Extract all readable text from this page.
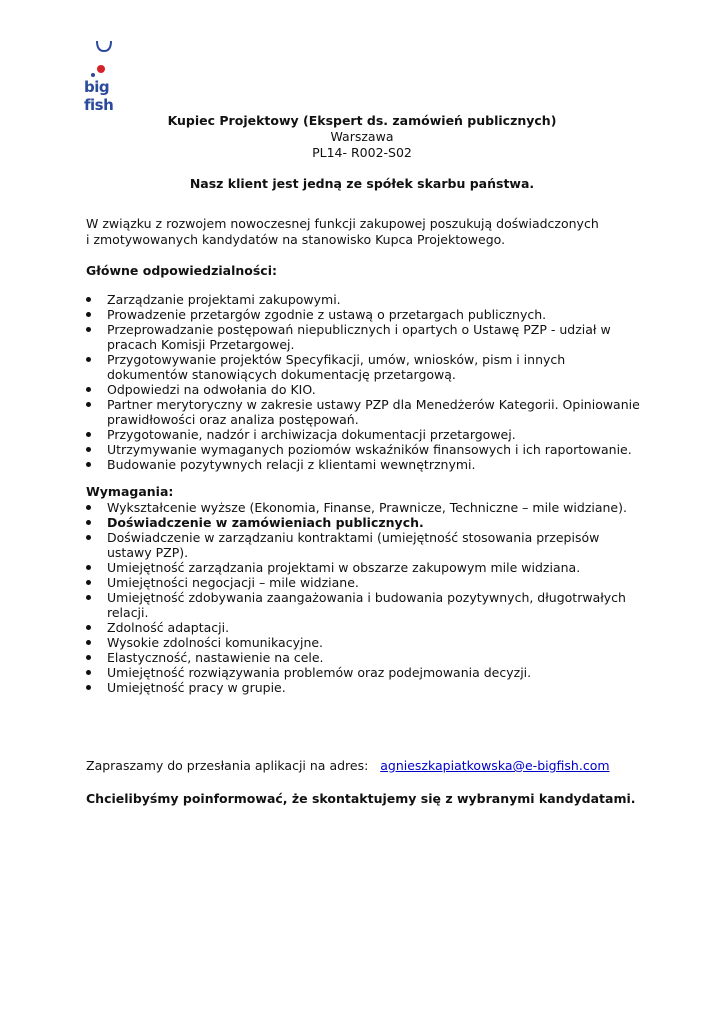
big fish
Kupiec Projektowy (Ekspert ds. zamówień publicznych)
Warszawa
PL14- R002-S02
Nasz klient jest jedną ze spółek skarbu państwa.
W związku z rozwojem nowoczesnej funkcji zakupowej poszukują doświadczonych
i zmotywowanych kandydatów na stanowisko Kupca Projektowego.
Główne odpowiedzialności:
Zarządzanie projektami zakupowymi.
Prowadzenie przetargów zgodnie z ustawą o przetargach publicznych.
Przeprowadzanie postępowań niepublicznych i opartych o Ustawę PZP - udział w pracach Komisji Przetargowej.
Przygotowywanie projektów Specyfikacji, umów, wniosków, pism i innych dokumentów stanowiących dokumentację przetargową.
Odpowiedzi na odwołania do KIO.
Partner merytoryczny w zakresie ustawy PZP dla Menedżerów Kategorii. Opiniowanie prawidłowości oraz analiza postępowań.
Przygotowanie, nadzór i archiwizacja dokumentacji przetargowej.
Utrzymywanie wymaganych poziomów wskaźników finansowych i ich raportowanie.
Budowanie pozytywnych relacji z klientami wewnętrznymi.
Wymagania:
Wykształcenie wyższe (Ekonomia, Finanse, Prawnicze, Techniczne – mile widziane).
Doświadczenie w zamówieniach publicznych.
Doświadczenie w zarządzaniu kontraktami (umiejętność stosowania przepisów ustawy PZP).
Umiejętność zarządzania projektami w obszarze zakupowym mile widziana.
Umiejętności negocjacji – mile widziane.
Umiejętność zdobywania zaangażowania i budowania pozytywnych, długotrwałych relacji.
Zdolność adaptacji.
Wysokie zdolności komunikacyjne.
Elastyczność, nastawienie na cele.
Umiejętność rozwiązywania problemów oraz podejmowania decyzji.
Umiejętność pracy w grupie.
Zapraszamy do przesłania aplikacji na adres: agnieszkapiatkowska@e-bigfish.com
Chcielibyśmy poinformować, że skontaktujemy się z wybranymi kandydatami.
